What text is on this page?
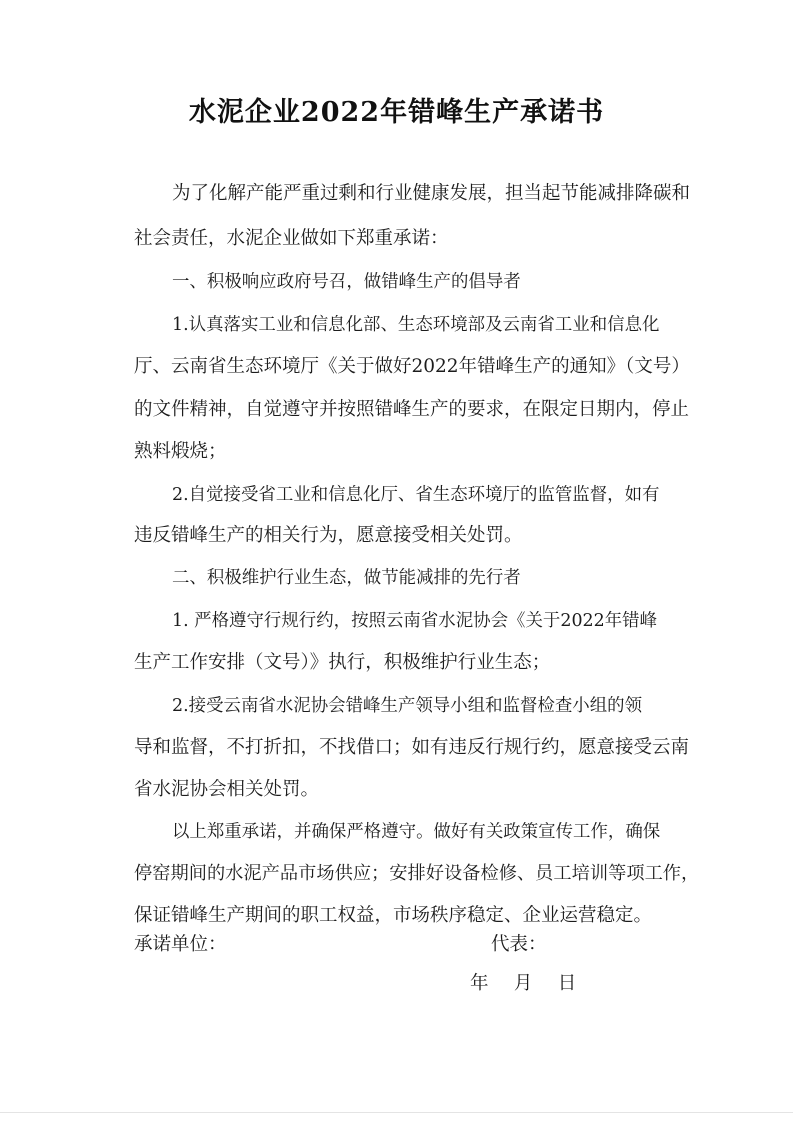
水泥企业2022年错峰生产承诺书
为了化解产能严重过剩和行业健康发展，担当起节能减排降碳和
社会责任，水泥企业做如下郑重承诺：
一、积极响应政府号召，做错峰生产的倡导者
1.认真落实工业和信息化部、生态环境部及云南省工业和信息化
厅、云南省生态环境厅《关于做好2022年错峰生产的通知》（文号）
的文件精神，自觉遵守并按照错峰生产的要求，在限定日期内，停止
熟料煅烧；
2.自觉接受省工业和信息化厅、省生态环境厅的监管监督，如有
违反错峰生产的相关行为，愿意接受相关处罚。
二、积极维护行业生态，做节能减排的先行者
1. 严格遵守行规行约，按照云南省水泥协会《关于2022年错峰
生产工作安排（文号）》执行，积极维护行业生态；
2.接受云南省水泥协会错峰生产领导小组和监督检查小组的领
导和监督，不打折扣，不找借口；如有违反行规行约，愿意接受云南
省水泥协会相关处罚。
以上郑重承诺，并确保严格遵守。做好有关政策宣传工作，确保
停窑期间的水泥产品市场供应；安排好设备检修、员工培训等项工作，
保证错峰生产期间的职工权益，市场秩序稳定、企业运营稳定。
承诺单位：	代表：
年 月 日
